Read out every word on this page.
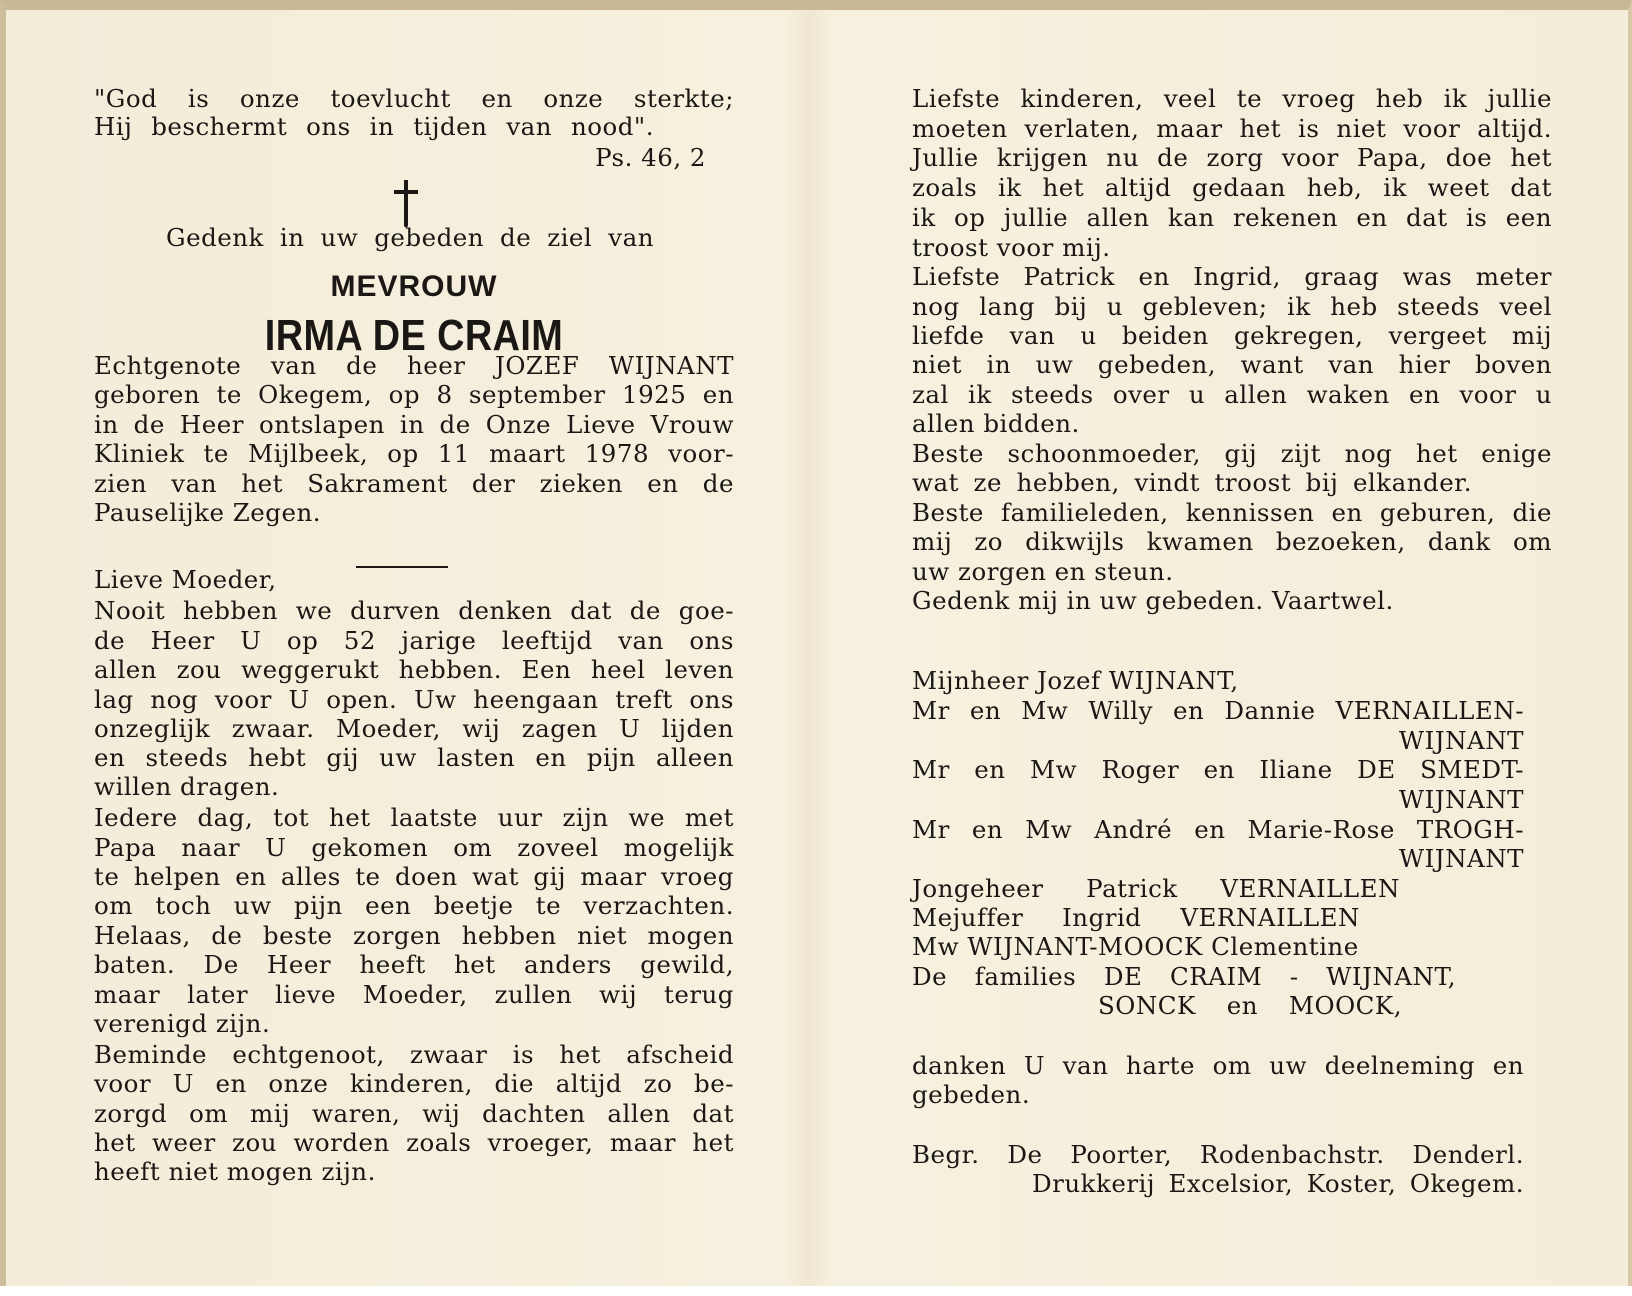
"God is onze toevlucht en onze sterkte;
Hij beschermt ons in tijden van nood".
Ps. 46, 2
Gedenk in uw gebeden de ziel van
MEVROUW
IRMA DE CRAIM
Echtgenote van de heer JOZEF WIJNANT
geboren te Okegem, op 8 september 1925 en
in de Heer ontslapen in de Onze Lieve Vrouw
Kliniek te Mijlbeek, op 11 maart 1978 voor-
zien van het Sakrament der zieken en de
Pauselijke Zegen.
Lieve Moeder,
Nooit hebben we durven denken dat de goe-
de Heer U op 52 jarige leeftijd van ons
allen zou weggerukt hebben. Een heel leven
lag nog voor U open. Uw heengaan treft ons
onzeglijk zwaar. Moeder, wij zagen U lijden
en steeds hebt gij uw lasten en pijn alleen
willen dragen.
Iedere dag, tot het laatste uur zijn we met
Papa naar U gekomen om zoveel mogelijk
te helpen en alles te doen wat gij maar vroeg
om toch uw pijn een beetje te verzachten.
Helaas, de beste zorgen hebben niet mogen
baten. De Heer heeft het anders gewild,
maar later lieve Moeder, zullen wij terug
verenigd zijn.
Beminde echtgenoot, zwaar is het afscheid
voor U en onze kinderen, die altijd zo be-
zorgd om mij waren, wij dachten allen dat
het weer zou worden zoals vroeger, maar het
heeft niet mogen zijn.
Liefste kinderen, veel te vroeg heb ik jullie
moeten verlaten, maar het is niet voor altijd.
Jullie krijgen nu de zorg voor Papa, doe het
zoals ik het altijd gedaan heb, ik weet dat
ik op jullie allen kan rekenen en dat is een
troost voor mij.
Liefste Patrick en Ingrid, graag was meter
nog lang bij u gebleven; ik heb steeds veel
liefde van u beiden gekregen, vergeet mij
niet in uw gebeden, want van hier boven
zal ik steeds over u allen waken en voor u
allen bidden.
Beste schoonmoeder, gij zijt nog het enige
wat ze hebben, vindt troost bij elkander.
Beste familieleden, kennissen en geburen, die
mij zo dikwijls kwamen bezoeken, dank om
uw zorgen en steun.
Gedenk mij in uw gebeden. Vaartwel.
Mijnheer Jozef WIJNANT,
Mr en Mw Willy en Dannie VERNAILLEN-
WIJNANT
Mr en Mw Roger en Iliane DE SMEDT-
WIJNANT
Mr en Mw André en Marie-Rose TROGH-
WIJNANT
Jongeheer Patrick VERNAILLEN
Mejuffer Ingrid VERNAILLEN
Mw WIJNANT-MOOCK Clementine
De families DE CRAIM - WIJNANT,
SONCK en MOOCK,
danken U van harte om uw deelneming en
gebeden.
Begr. De Poorter, Rodenbachstr. Denderl.
Drukkerij Excelsior, Koster, Okegem.
